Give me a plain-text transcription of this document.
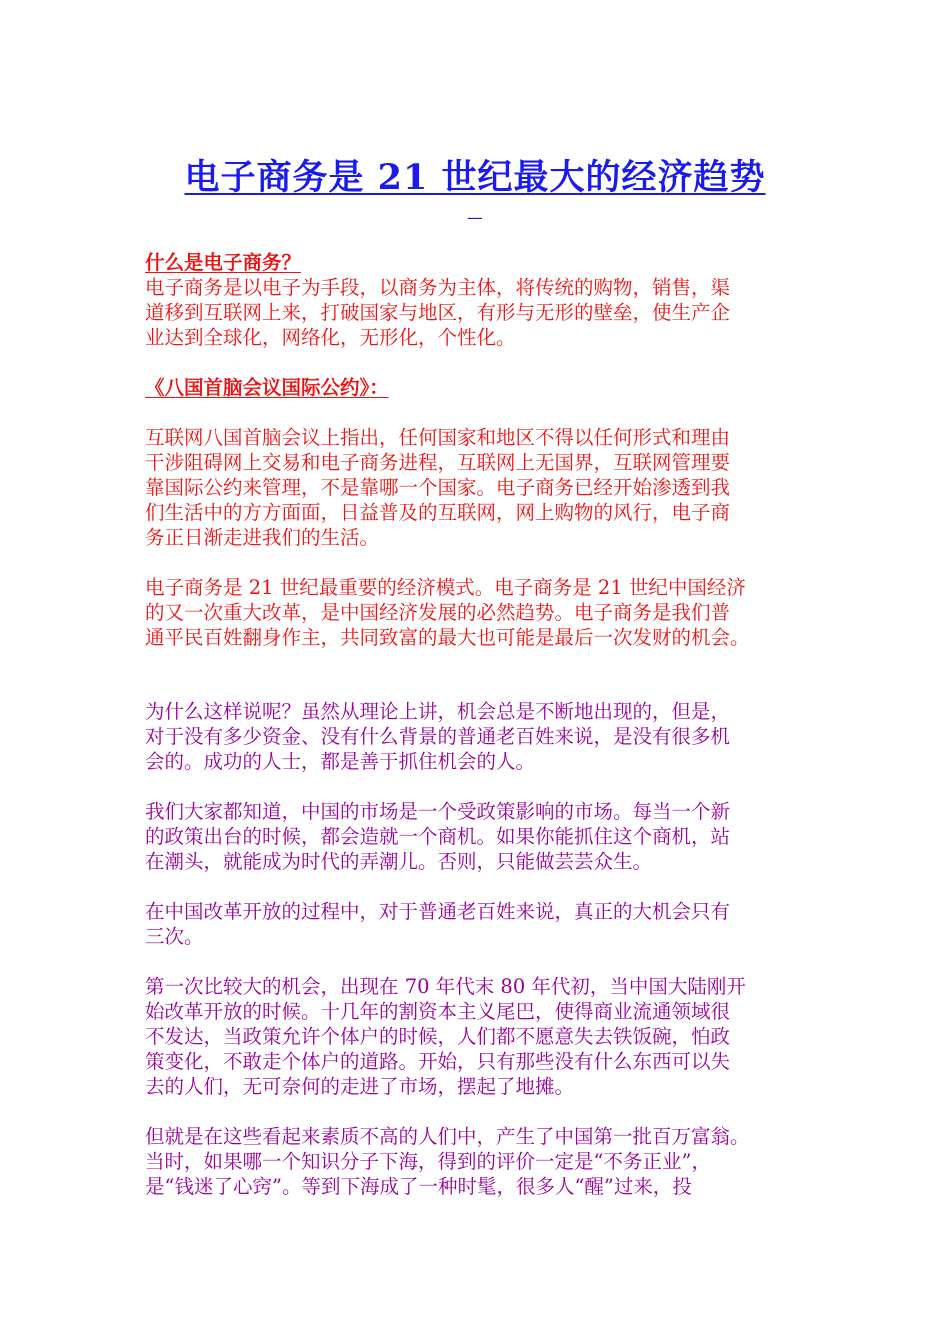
电子商务是 21 世纪最大的经济趋势
—
什么是电子商务？
电子商务是以电子为手段，以商务为主体，将传统的购物，销售，渠
道移到互联网上来，打破国家与地区，有形与无形的壁垒，使生产企
业达到全球化，网络化，无形化，个性化。
《八国首脑会议国际公约》：
互联网八国首脑会议上指出，任何国家和地区不得以任何形式和理由
干涉阻碍网上交易和电子商务进程，互联网上无国界，互联网管理要
靠国际公约来管理，不是靠哪一个国家。电子商务已经开始渗透到我
们生活中的方方面面，日益普及的互联网，网上购物的风行，电子商
务正日渐走进我们的生活。
电子商务是 21 世纪最重要的经济模式。电子商务是 21 世纪中国经济
的又一次重大改革，是中国经济发展的必然趋势。电子商务是我们普
通平民百姓翻身作主，共同致富的最大也可能是最后一次发财的机会。
为什么这样说呢？虽然从理论上讲，机会总是不断地出现的，但是，
对于没有多少资金、没有什么背景的普通老百姓来说，是没有很多机
会的。成功的人士，都是善于抓住机会的人。
我们大家都知道，中国的市场是一个受政策影响的市场。每当一个新
的政策出台的时候，都会造就一个商机。如果你能抓住这个商机，站
在潮头，就能成为时代的弄潮儿。否则，只能做芸芸众生。
在中国改革开放的过程中，对于普通老百姓来说，真正的大机会只有
三次。
第一次比较大的机会，出现在 70 年代末 80 年代初，当中国大陆刚开
始改革开放的时候。十几年的割资本主义尾巴，使得商业流通领域很
不发达，当政策允许个体户的时候，人们都不愿意失去铁饭碗，怕政
策变化，不敢走个体户的道路。开始，只有那些没有什么东西可以失
去的人们，无可奈何的走进了市场，摆起了地摊。
但就是在这些看起来素质不高的人们中，产生了中国第一批百万富翁。
当时，如果哪一个知识分子下海，得到的评价一定是“不务正业”，
是“钱迷了心窍”。等到下海成了一种时髦，很多人“醒”过来，投
